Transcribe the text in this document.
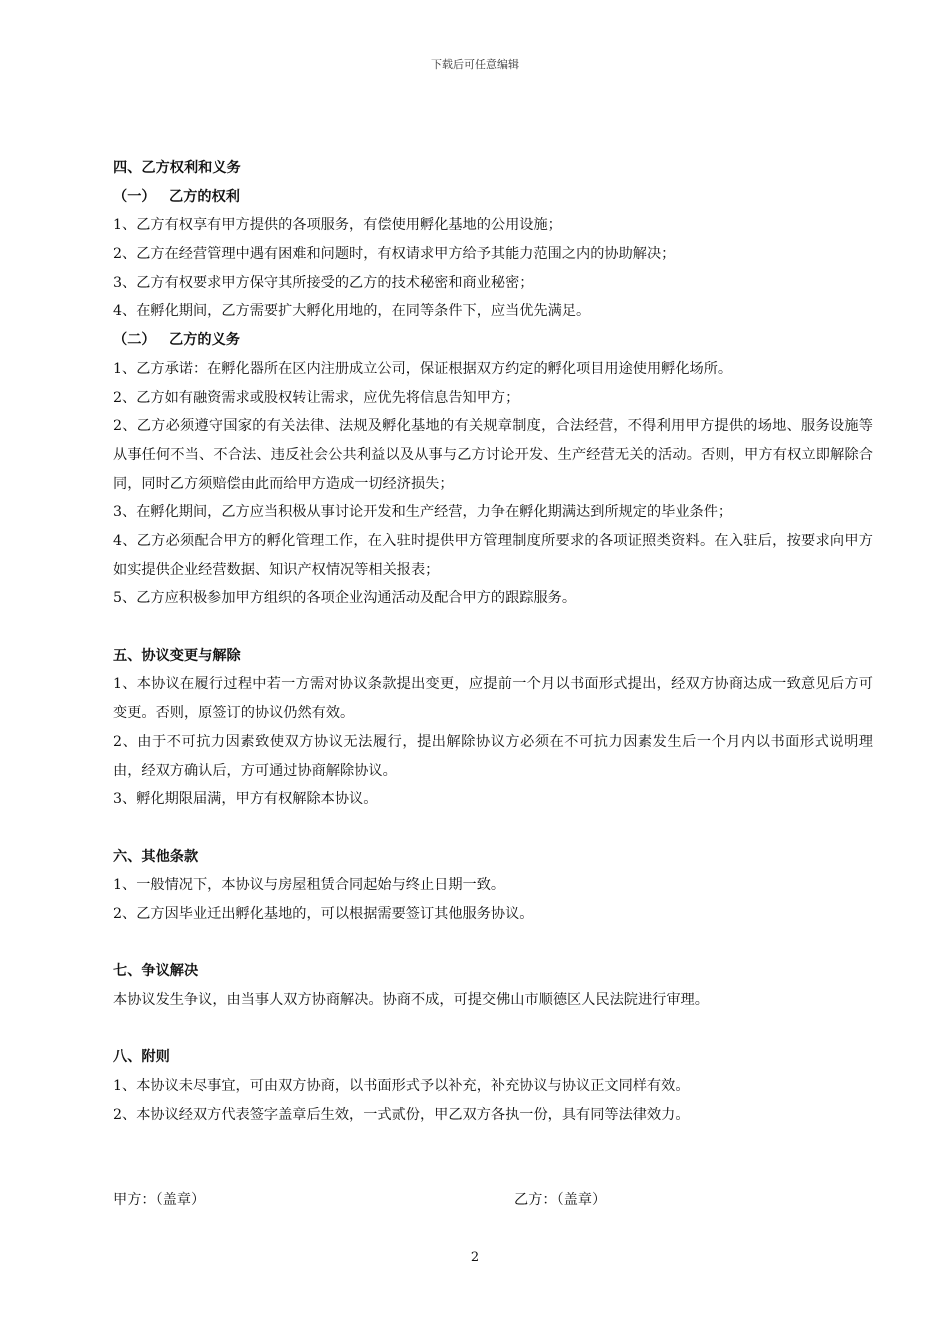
下载后可任意编辑
四、乙方权利和义务
（一） 乙方的权利
1、乙方有权享有甲方提供的各项服务，有偿使用孵化基地的公用设施；
2、乙方在经营管理中遇有困难和问题时，有权请求甲方给予其能力范围之内的协助解决；
3、乙方有权要求甲方保守其所接受的乙方的技术秘密和商业秘密；
4、在孵化期间，乙方需要扩大孵化用地的，在同等条件下，应当优先满足。
（二） 乙方的义务
1、乙方承诺：在孵化器所在区内注册成立公司，保证根据双方约定的孵化项目用途使用孵化场所。
2、乙方如有融资需求或股权转让需求，应优先将信息告知甲方；
2、乙方必须遵守国家的有关法律、法规及孵化基地的有关规章制度，合法经营，不得利用甲方提供的场地、服务设施等从事任何不当、不合法、违反社会公共利益以及从事与乙方讨论开发、生产经营无关的活动。否则，甲方有权立即解除合同，同时乙方须赔偿由此而给甲方造成一切经济损失；
3、在孵化期间，乙方应当积极从事讨论开发和生产经营，力争在孵化期满达到所规定的毕业条件；
4、乙方必须配合甲方的孵化管理工作，在入驻时提供甲方管理制度所要求的各项证照类资料。在入驻后，按要求向甲方如实提供企业经营数据、知识产权情况等相关报表；
5、乙方应积极参加甲方组织的各项企业沟通活动及配合甲方的跟踪服务。
五、协议变更与解除
1、本协议在履行过程中若一方需对协议条款提出变更，应提前一个月以书面形式提出，经双方协商达成一致意见后方可变更。否则，原签订的协议仍然有效。
2、由于不可抗力因素致使双方协议无法履行，提出解除协议方必须在不可抗力因素发生后一个月内以书面形式说明理由，经双方确认后，方可通过协商解除协议。
3、孵化期限届满，甲方有权解除本协议。
六、其他条款
1、一般情况下，本协议与房屋租赁合同起始与终止日期一致。
2、乙方因毕业迁出孵化基地的，可以根据需要签订其他服务协议。
七、争议解决
本协议发生争议，由当事人双方协商解决。协商不成，可提交佛山市顺德区人民法院进行审理。
八、附则
1、本协议未尽事宜，可由双方协商，以书面形式予以补充，补充协议与协议正文同样有效。
2、本协议经双方代表签字盖章后生效，一式贰份，甲乙双方各执一份，具有同等法律效力。
甲方：（盖章）	乙方：（盖章）
2
